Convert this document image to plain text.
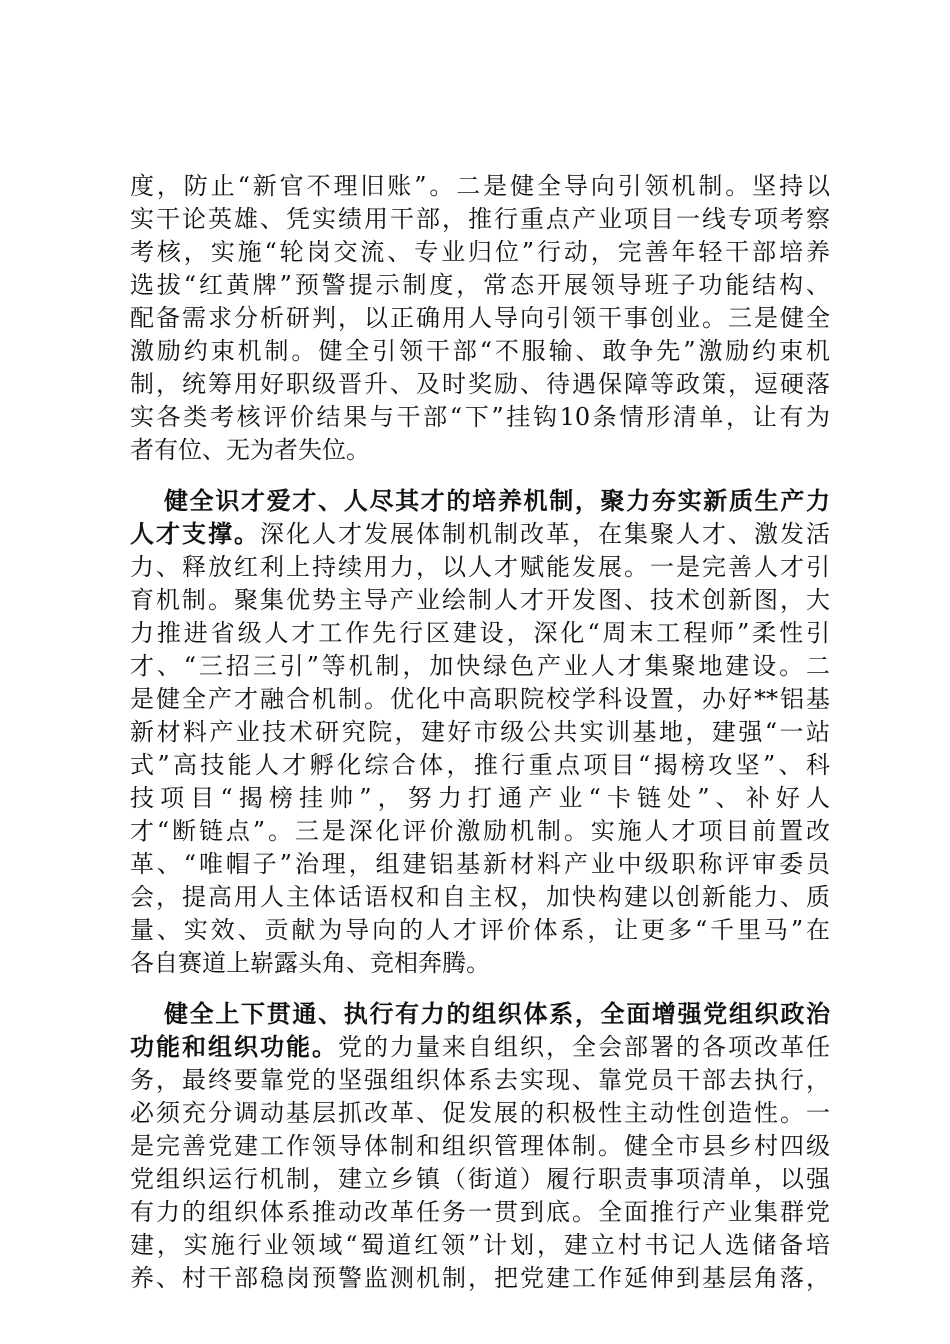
度，防止“新官不理旧账”。二是健全导向引领机制。坚持以
实干论英雄、凭实绩用干部，推行重点产业项目一线专项考察
考核，实施“轮岗交流、专业归位”行动，完善年轻干部培养
选拔“红黄牌”预警提示制度，常态开展领导班子功能结构、
配备需求分析研判，以正确用人导向引领干事创业。三是健全
激励约束机制。健全引领干部“不服输、敢争先”激励约束机
制，统筹用好职级晋升、及时奖励、待遇保障等政策，逗硬落
实各类考核评价结果与干部“下”挂钩10条情形清单，让有为
者有位、无为者失位。
健全识才爱才、人尽其才的培养机制，聚力夯实新质生产力
人才支撑。深化人才发展体制机制改革，在集聚人才、激发活
力、释放红利上持续用力，以人才赋能发展。一是完善人才引
育机制。聚集优势主导产业绘制人才开发图、技术创新图，大
力推进省级人才工作先行区建设，深化“周末工程师”柔性引
才、“三招三引”等机制，加快绿色产业人才集聚地建设。二
是健全产才融合机制。优化中高职院校学科设置，办好**铝基
新材料产业技术研究院，建好市级公共实训基地，建强“一站
式”高技能人才孵化综合体，推行重点项目“揭榜攻坚”、科
技项目“揭榜挂帅”，努力打通产业“卡链处”、补好人
才“断链点”。三是深化评价激励机制。实施人才项目前置改
革、“唯帽子”治理，组建铝基新材料产业中级职称评审委员
会，提高用人主体话语权和自主权，加快构建以创新能力、质
量、实效、贡献为导向的人才评价体系，让更多“千里马”在
各自赛道上崭露头角、竞相奔腾。
健全上下贯通、执行有力的组织体系，全面增强党组织政治
功能和组织功能。党的力量来自组织，全会部署的各项改革任
务，最终要靠党的坚强组织体系去实现、靠党员干部去执行，
必须充分调动基层抓改革、促发展的积极性主动性创造性。一
是完善党建工作领导体制和组织管理体制。健全市县乡村四级
党组织运行机制，建立乡镇（街道）履行职责事项清单，以强
有力的组织体系推动改革任务一贯到底。全面推行产业集群党
建，实施行业领域“蜀道红领”计划，建立村书记人选储备培
养、村干部稳岗预警监测机制，把党建工作延伸到基层角落，
